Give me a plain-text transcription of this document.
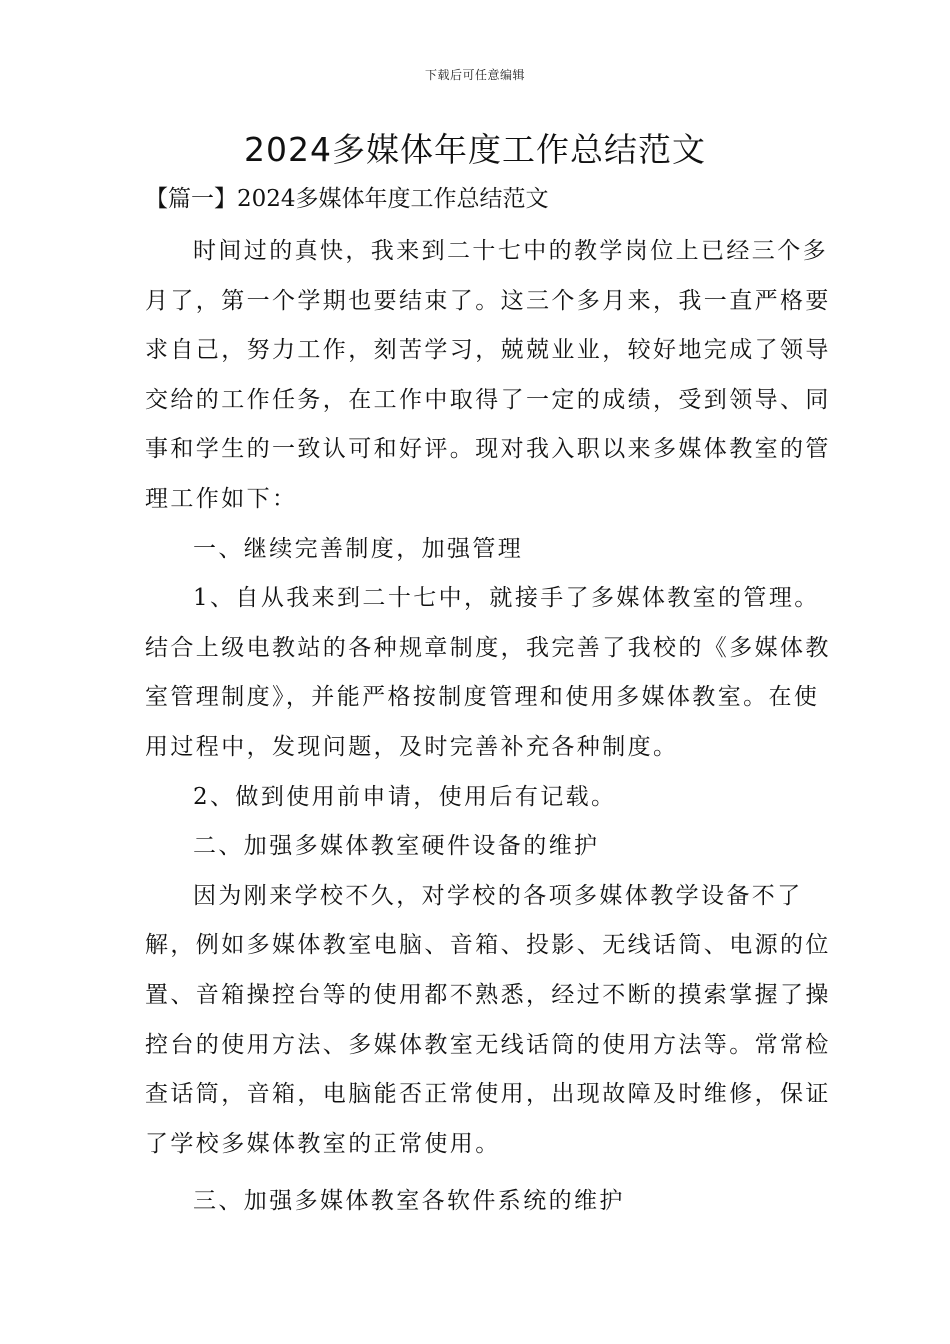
下载后可任意编辑
2024多媒体年度工作总结范文
【篇一】2024多媒体年度工作总结范文

时间过的真快，我来到二十七中的教学岗位上已经三个多月了，第一个学期也要结束了。这三个多月来，我一直严格要求自己，努力工作，刻苦学习，兢兢业业，较好地完成了领导交给的工作任务，在工作中取得了一定的成绩，受到领导、同事和学生的一致认可和好评。现对我入职以来多媒体教室的管理工作如下：

一、继续完善制度，加强管理

1、自从我来到二十七中，就接手了多媒体教室的管理。结合上级电教站的各种规章制度，我完善了我校的《多媒体教室管理制度》，并能严格按制度管理和使用多媒体教室。在使用过程中，发现问题，及时完善补充各种制度。

2、做到使用前申请，使用后有记载。

二、加强多媒体教室硬件设备的维护

因为刚来学校不久，对学校的各项多媒体教学设备不了解，例如多媒体教室电脑、音箱、投影、无线话筒、电源的位置、音箱操控台等的使用都不熟悉，经过不断的摸索掌握了操控台的使用方法、多媒体教室无线话筒的使用方法等。常常检查话筒，音箱，电脑能否正常使用，出现故障及时维修，保证了学校多媒体教室的正常使用。

三、加强多媒体教室各软件系统的维护
